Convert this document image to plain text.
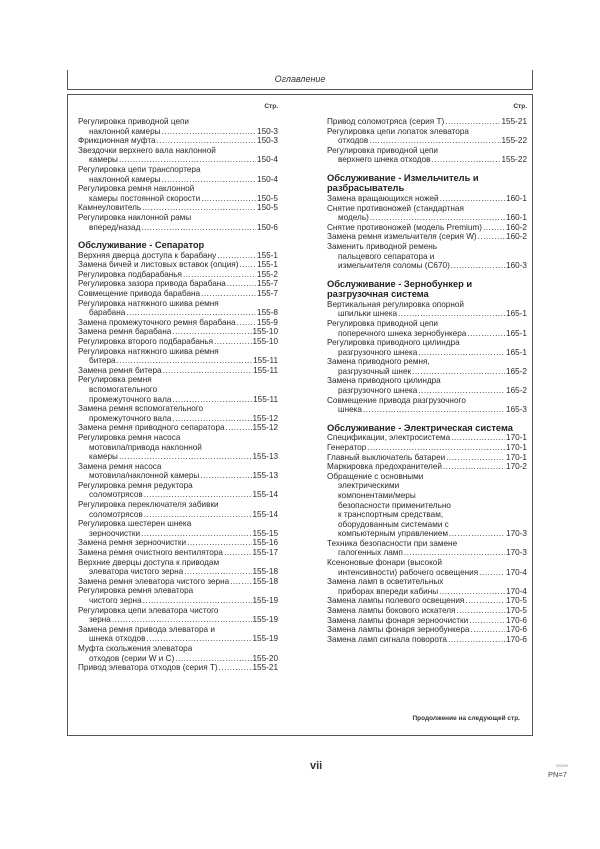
Оглавление
Стр.
Регулировка приводной цепи
наклонной камеры .....	150-3
Фрикционная муфта .....	150-3
Звездочки верхнего вала наклонной
камеры .....	150-4
Регулировка цепи транспортера
наклонной камеры .....	150-4
Регулировка ремня наклонной
камеры постоянной скорости .....	150-5
Камнеуловитель .....	150-5
Регулировка наклонной рамы
вперед/назад .....	150-6
Обслуживание - Сепаратор
Верхняя дверца доступа к барабану .....	155-1
Замена бичей и листовых вставок (опция) ..... 155-1
Регулировка подбарабанья .....	155-2
Регулировка зазора привода барабана .....	155-7
Совмещение привода барабана .....	155-7
Регулировка натяжного шкива ремня
барабана .....	155-8
Замена промежуточного ремня барабана .....	155-9
Замена ремня барабана .....	155-10
Регулировка второго подбарабанья .....	155-10
Регулировка натяжного шкива ремня
битера .....	155-11
Замена ремня битера .....	155-11
Регулировка ремня
вспомогательного
промежуточного вала .....	155-11
Замена ремня вспомогательного
промежуточного вала .....	155-12
Замена ремня приводного сепаратора .....	155-12
Регулировка ремня насоса
мотовила/привода наклонной
камеры .....	155-13
Замена ремня насоса
мотовила/наклонной камеры .....	155-13
Регулировка ремня редуктора
соломотрясов .....	155-14
Регулировка переключателя забивки
соломотрясов .....	155-14
Регулировка шестерен шнека
зерноочистки .....	155-15
Замена ремня зерноочистки .....	155-16
Замена ремня очистного вентилятора .....	155-17
Верхние дверцы доступа к приводам
элеватора чистого зерна .....	155-18
Замена ремня элеватора чистого зерна .....	155-18
Регулировка ремня элеватора
чистого зерна .....	155-19
Регулировка цепи элеватора чистого
зерна .....	155-19
Замена ремня привода элеватора и
шнека отходов .....	155-19
Муфта скольжения элеватора
отходов (серии W и C) .....	155-20
Привод элеватора отходов (серия T) .....	155-21
Стр.
Привод соломотряса (серия T) .....	155-21
Регулировка цепи лопаток элеватора
отходов .....	155-22
Регулировка приводной цепи
верхнего шнека отходов .....	155-22
Обслуживание - Измельчитель и разбрасыватель
Замена вращающихся ножей .....	160-1
Снятие противоножей (стандартная
модель) .....	160-1
Снятие противоножей (модель Premium) .....	160-2
Замена ремня измельчителя (серия W) .....	160-2
Заменить приводной ремень
пальцевого сепаратора и
измельчителя соломы (C670) .....	160-3
Обслуживание - Зернобункер и разгрузочная система
Вертикальная регулировка опорной
шпильки шнека .....	165-1
Регулировка приводной цепи
поперечного шнека зернобункера .....	165-1
Регулировка приводного цилиндра
разгрузочного шнека .....	165-1
Замена приводного ремня,
разгрузочный шнек .....	165-2
Замена приводного цилиндра
разгрузочного шнека .....	165-2
Совмещение привода разгрузочного
шнека .....	165-3
Обслуживание - Электрическая система
Спецификации, электросистема .....	170-1
Генератор .....	170-1
Главный выключатель батареи .....	170-1
Маркировка предохранителей .....	170-2
Обращение с основными
электрическими
компонентами/меры
безопасности применительно
к транспортным средствам,
оборудованным системами с
компьютерным управлением .....	170-3
Техника безопасности при замене
галогенных ламп .....	170-3
Ксеноновые фонари (высокой
интенсивности) рабочего освещения .....	170-4
Замена ламп в осветительных
приборах впереди кабины .....	170-4
Замена лампы полевого освещения .....	170-5
Замена лампы бокового искателя .....	170-5
Замена лампы фонаря зерноочистки .....	170-6
Замена лампы фонаря зернобункера .....	170-6
Замена ламп сигнала поворота .....	170-6
Продолжение на следующей стр.
vii	021009
PN=7
